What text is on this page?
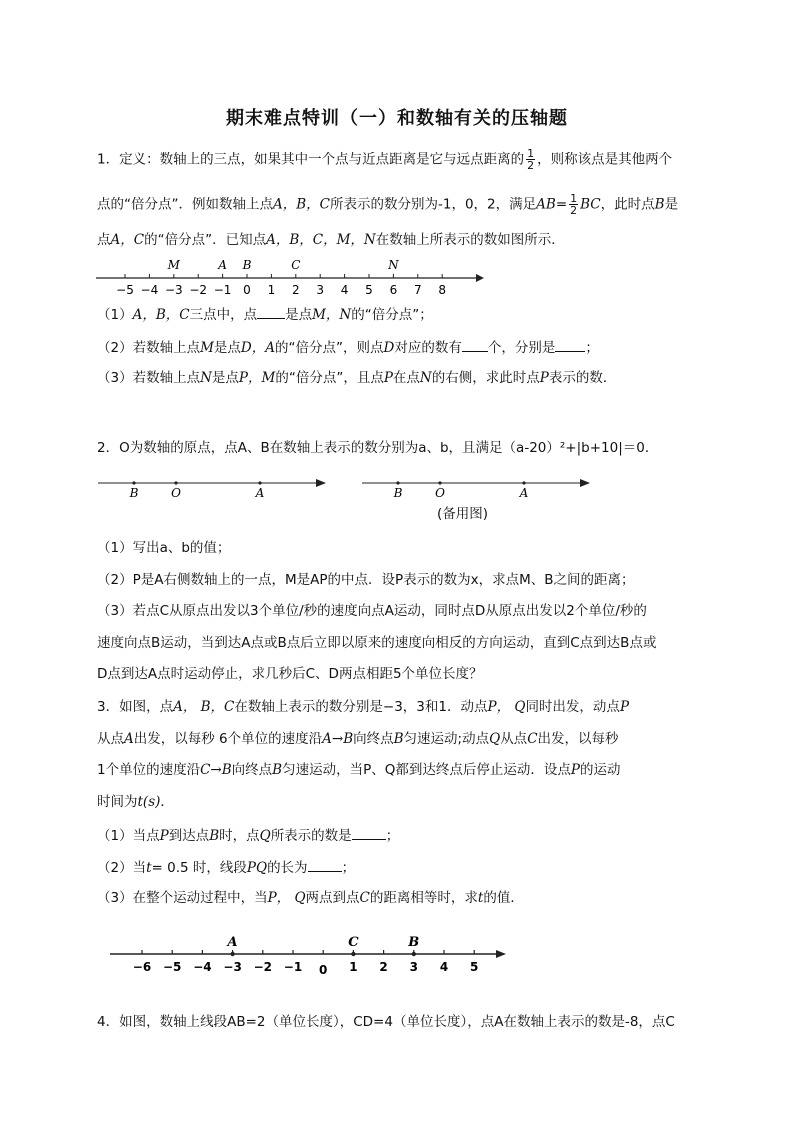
期末难点特训（一）和数轴有关的压轴题
1．定义：数轴上的三点，如果其中一个点与近点距离是它与远点距离的 $\frac{1}{2}$ ，则称该点是其他两个
点的“倍分点”．例如数轴上点A，B，C所表示的数分别为-1，0，2，满足$AB= \frac{1}{2}$ BC，此时点B是
点A，C的“倍分点”．已知点A，B，C，M，N在数轴上所表示的数如图所示．
−5 −4 −3 −2 −1 0 1 2 3 4 5 6 7 8
M	A B	C	N
（1）A，B，C三点中，点 是点M，N的“倍分点”；
（2）若数轴上点M是点D，A的“倍分点”，则点D对应的数有 个，分别是 ；
（3）若数轴上点N是点P，M的“倍分点”，且点P在点N的右侧，求此时点P表示的数．
2．O为数轴的原点，点A、B在数轴上表示的数分别为a、b，且满足（a-20）²+|b+10|＝0．
B	O	A	B	O	A
(备用图)
（1）写出a、b的值；
（2）P是A右侧数轴上的一点，M是AP的中点．设P表示的数为x，求点M、B之间的距离；
（3）若点C从原点出发以3个单位/秒的速度向点A运动，同时点D从原点出发以2个单位/秒的
速度向点B运动，当到达A点或B点后立即以原来的速度向相反的方向运动，直到C点到达B点或
D点到达A点时运动停止，求几秒后C、D两点相距5个单位长度？
3．如图，点A， B，C在数轴上表示的数分别是−3，3和1．动点P， Q同时出发，动点P
从点A出发，以每秒 6个单位的速度沿A→B向终点B匀速运动;动点Q从点C出发，以每秒
1个单位的速度沿C→B向终点B匀速运动，当P、Q都到达终点后停止运动．设点P的运动
时间为t(s)．
（1）当点P到达点B时，点Q所表示的数是	；
（2）当t= 0.5 时，线段PQ的长为	；
（3）在整个运动过程中，当P， Q两点到点C的距离相等时，求t的值．
−6 −5 −4 −3 −2 −1 0 1 2 3 4 5
A	C	B
4．如图，数轴上线段AB=2（单位长度），CD=4（单位长度），点A在数轴上表示的数是-8，点C
